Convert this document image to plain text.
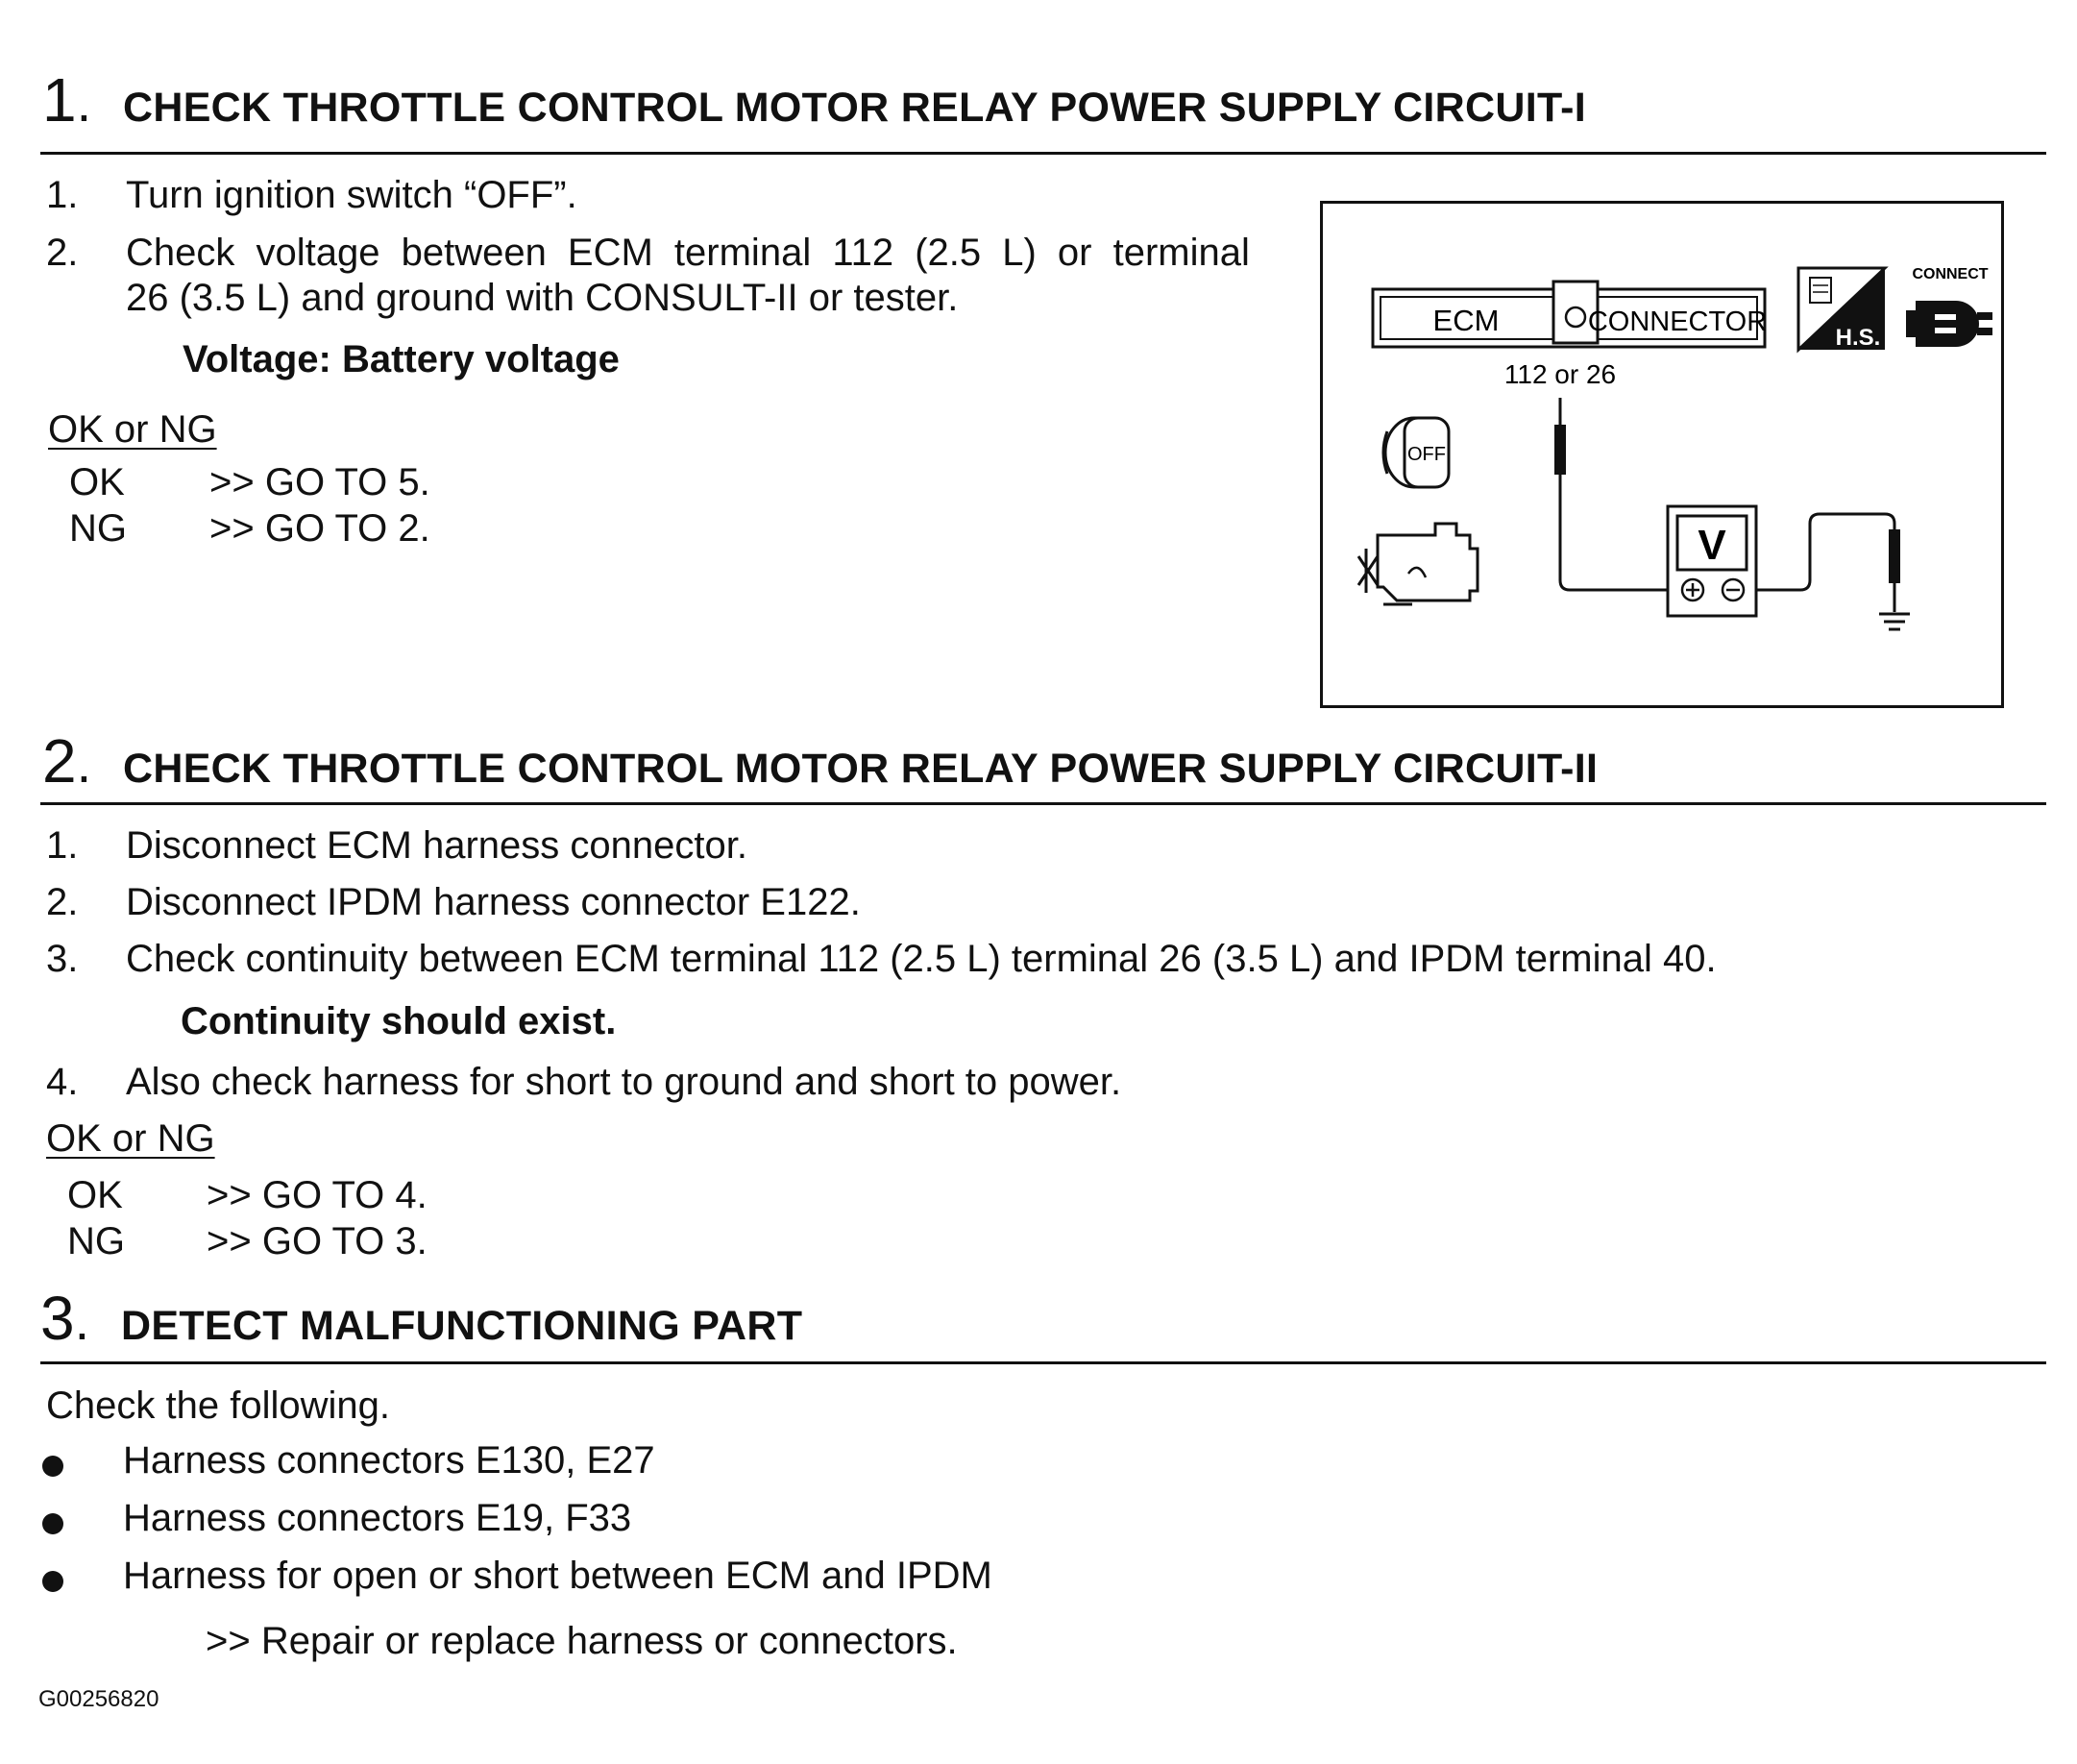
1. CHECK THROTTLE CONTROL MOTOR RELAY POWER SUPPLY CIRCUIT-I
1. Turn ignition switch “OFF”.
2. Check voltage between ECM terminal 112 (2.5 L) or terminal
26 (3.5 L) and ground with CONSULT-II or tester.
Voltage: Battery voltage
OK or NG
OK >> GO TO 5.
NG >> GO TO 2.
ECM	CONNECTOR
112 or 26
H.S.
CONNECT
OFF
V
2. CHECK THROTTLE CONTROL MOTOR RELAY POWER SUPPLY CIRCUIT-II
1. Disconnect ECM harness connector.
2. Disconnect IPDM harness connector E122.
3. Check continuity between ECM terminal 112 (2.5 L) terminal 26 (3.5 L) and IPDM terminal 40.
Continuity should exist.
4. Also check harness for short to ground and short to power.
OK or NG
OK >> GO TO 4.
NG >> GO TO 3.
3. DETECT MALFUNCTIONING PART
Check the following.
Harness connectors E130, E27
Harness connectors E19, F33
Harness for open or short between ECM and IPDM
>> Repair or replace harness or connectors.
G00256820
